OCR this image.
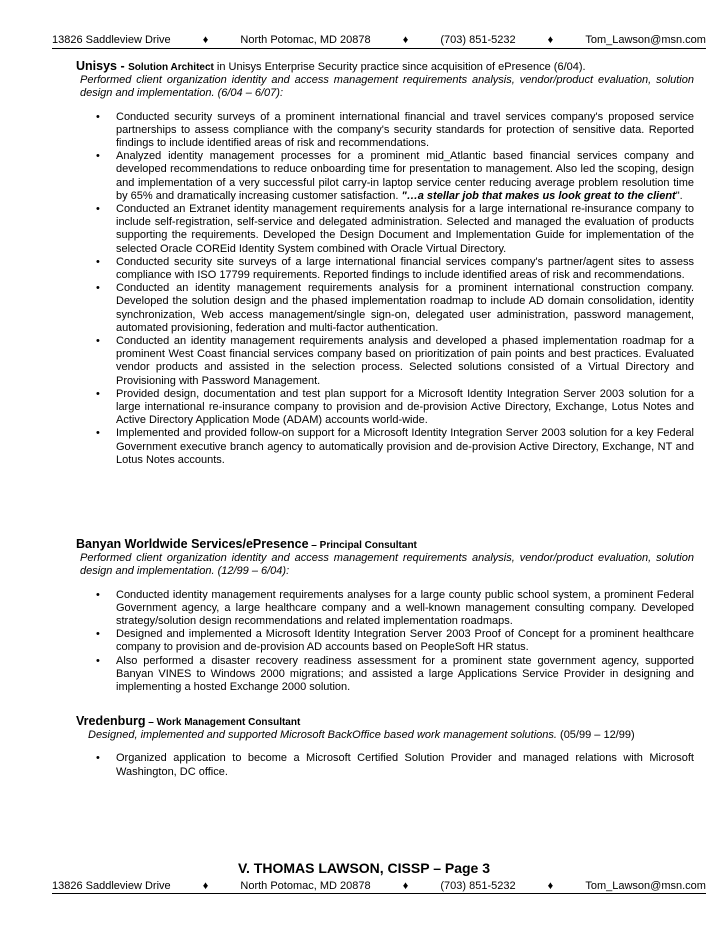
13826 Saddleview Drive	♦	North Potomac, MD 20878	♦	(703) 851-5232	♦	Tom_Lawson@msn.com
Unisys - Solution Architect in Unisys Enterprise Security practice since acquisition of ePresence (6/04).
Performed client organization identity and access management requirements analysis, vendor/product evaluation, solution design and implementation. (6/04 – 6/07):
• Conducted security surveys of a prominent international financial and travel services company's proposed service partnerships to assess compliance with the company's security standards for protection of sensitive data. Reported findings to include identified areas of risk and recommendations.
• Analyzed identity management processes for a prominent mid_Atlantic based financial services company and developed recommendations to reduce onboarding time for presentation to management. Also led the scoping, design and implementation of a very successful pilot carry-in laptop service center reducing average problem resolution time by 65% and dramatically increasing customer satisfaction. "…a stellar job that makes us look great to the client".
• Conducted an Extranet identity management requirements analysis for a large international re-insurance company to include self-registration, self-service and delegated administration. Selected and managed the evaluation of products supporting the requirements. Developed the Design Document and Implementation Guide for implementation of the selected Oracle COREid Identity System combined with Oracle Virtual Directory.
• Conducted security site surveys of a large international financial services company's partner/agent sites to assess compliance with ISO 17799 requirements. Reported findings to include identified areas of risk and recommendations.
• Conducted an identity management requirements analysis for a prominent international construction company. Developed the solution design and the phased implementation roadmap to include AD domain consolidation, identity synchronization, Web access management/single sign-on, delegated user administration, password management, automated provisioning, federation and multi-factor authentication.
• Conducted an identity management requirements analysis and developed a phased implementation roadmap for a prominent West Coast financial services company based on prioritization of pain points and best practices. Evaluated vendor products and assisted in the selection process. Selected solutions consisted of a Virtual Directory and Provisioning with Password Management.
• Provided design, documentation and test plan support for a Microsoft Identity Integration Server 2003 solution for a large international re-insurance company to provision and de-provision Active Directory, Exchange, Lotus Notes and Active Directory Application Mode (ADAM) accounts world-wide.
• Implemented and provided follow-on support for a Microsoft Identity Integration Server 2003 solution for a key Federal Government executive branch agency to automatically provision and de-provision Active Directory, Exchange, NT and Lotus Notes accounts.
Banyan Worldwide Services/ePresence – Principal Consultant
Performed client organization identity and access management requirements analysis, vendor/product evaluation, solution design and implementation. (12/99 – 6/04):
• Conducted identity management requirements analyses for a large county public school system, a prominent Federal Government agency, a large healthcare company and a well-known management consulting company. Developed strategy/solution design recommendations and related implementation roadmaps.
• Designed and implemented a Microsoft Identity Integration Server 2003 Proof of Concept for a prominent healthcare company to provision and de-provision AD accounts based on PeopleSoft HR status.
• Also performed a disaster recovery readiness assessment for a prominent state government agency, supported Banyan VINES to Windows 2000 migrations; and assisted a large Applications Service Provider in designing and implementing a hosted Exchange 2000 solution.
Vredenburg – Work Management Consultant
Designed, implemented and supported Microsoft BackOffice based work management solutions. (05/99 – 12/99)
• Organized application to become a Microsoft Certified Solution Provider and managed relations with Microsoft Washington, DC office.
V. THOMAS LAWSON, CISSP – Page 3
13826 Saddleview Drive	♦	North Potomac, MD 20878	♦	(703) 851-5232	♦	Tom_Lawson@msn.com
